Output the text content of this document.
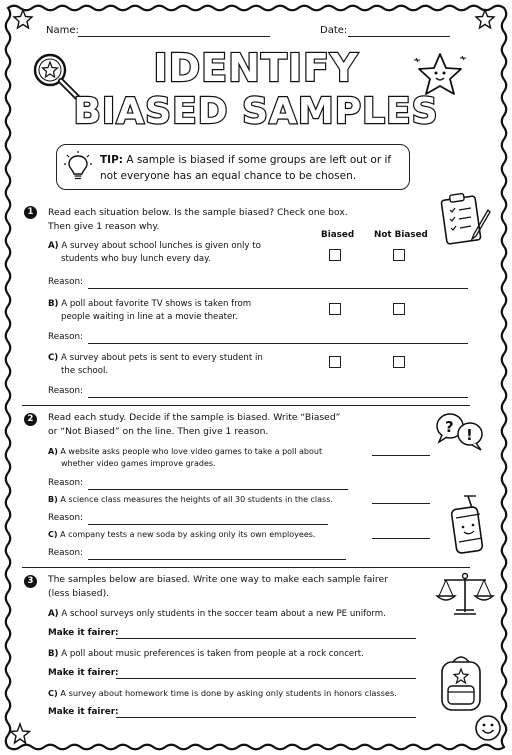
Name:	Date:
IDENTIFY
BIASED SAMPLES
TIP: A sample is biased if some groups are left out or if not everyone has an equal chance to be chosen.
1	Read each situation below. Is the sample biased? Check one box.
Then give 1 reason why.
Biased Not Biased
A) A survey about school lunches is given only to
students who buy lunch every day.
Reason:
B) A poll about favorite TV shows is taken from
people waiting in line at a movie theater.
Reason:
C) A survey about pets is sent to every student in
the school.
Reason:
2	Read each study. Decide if the sample is biased. Write “Biased”
or “Not Biased” on the line. Then give 1 reason.	? !
A) A website asks people who love video games to take a poll about
whether video games improve grades.
Reason:
B) A science class measures the heights of all 30 students in the class.
Reason:
C) A company tests a new soda by asking only its own employees.
Reason:
3	The samples below are biased. Write one way to make each sample fairer
(less biased).
A) A school surveys only students in the soccer team about a new PE uniform.
Make it fairer:
B) A poll about music preferences is taken from people at a rock concert.
Make it fairer:
C) A survey about homework time is done by asking only students in honors classes.
Make it fairer:
